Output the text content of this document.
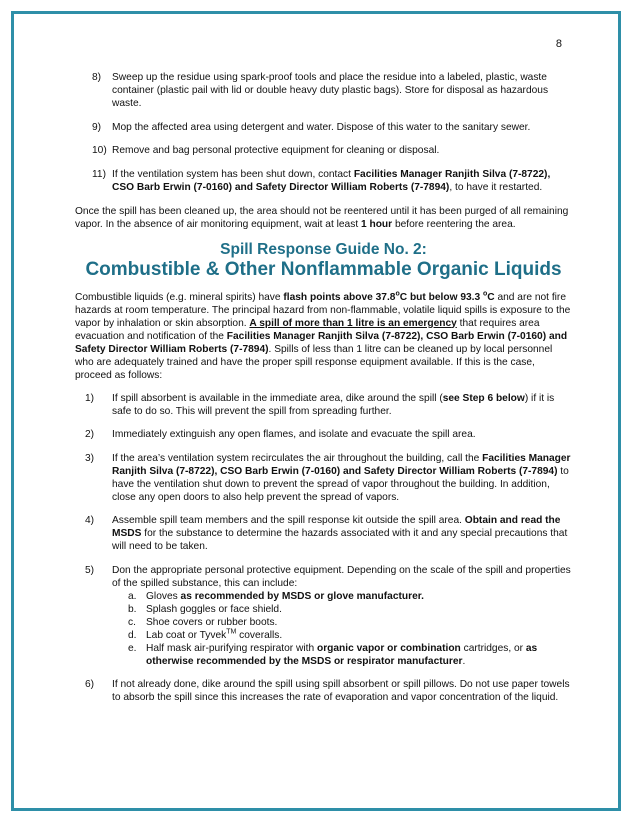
8
8) Sweep up the residue using spark-proof tools and place the residue into a labeled, plastic, waste container (plastic pail with lid or double heavy duty plastic bags). Store for disposal as hazardous waste.
9) Mop the affected area using detergent and water. Dispose of this water to the sanitary sewer.
10) Remove and bag personal protective equipment for cleaning or disposal.
11) If the ventilation system has been shut down, contact Facilities Manager Ranjith Silva (7-8722), CSO Barb Erwin (7-0160) and Safety Director William Roberts (7-7894), to have it restarted.

Once the spill has been cleaned up, the area should not be reentered until it has been purged of all remaining vapor. In the absence of air monitoring equipment, wait at least 1 hour before reentering the area.

Spill Response Guide No. 2:
Combustible & Other Nonflammable Organic Liquids

Combustible liquids (e.g. mineral spirits) have flash points above 37.8$^o$C but below 93.3 $^o$C and are not fire hazards at room temperature. The principal hazard from non-flammable, volatile liquid spills is exposure to the vapor by inhalation or skin absorption. A spill of more than 1 litre is an emergency that requires area evacuation and notification of the Facilities Manager Ranjith Silva (7-8722), CSO Barb Erwin (7-0160) and Safety Director William Roberts (7-7894). Spills of less than 1 litre can be cleaned up by local personnel who are adequately trained and have the proper spill response equipment available. If this is the case, proceed as follows:

1) If spill absorbent is available in the immediate area, dike around the spill (see Step 6 below) if it is safe to do so. This will prevent the spill from spreading further.
2) Immediately extinguish any open flames, and isolate and evacuate the spill area.
3) If the area’s ventilation system recirculates the air throughout the building, call the Facilities Manager Ranjith Silva (7-8722), CSO Barb Erwin (7-0160) and Safety Director William Roberts (7-7894) to have the ventilation shut down to prevent the spread of vapor throughout the building. In addition, close any open doors to also help prevent the spread of vapors.
4) Assemble spill team members and the spill response kit outside the spill area. Obtain and read the MSDS for the substance to determine the hazards associated with it and any special precautions that will need to be taken.
5) Don the appropriate personal protective equipment. Depending on the scale of the spill and properties of the spilled substance, this can include:
a. Gloves as recommended by MSDS or glove manufacturer.
b. Splash goggles or face shield.
c. Shoe covers or rubber boots.
d. Lab coat or Tyvek™ coveralls.
e. Half mask air-purifying respirator with organic vapor or combination cartridges, or as otherwise recommended by the MSDS or respirator manufacturer.
6) If not already done, dike around the spill using spill absorbent or spill pillows. Do not use paper towels to absorb the spill since this increases the rate of evaporation and vapor concentration of the liquid.
